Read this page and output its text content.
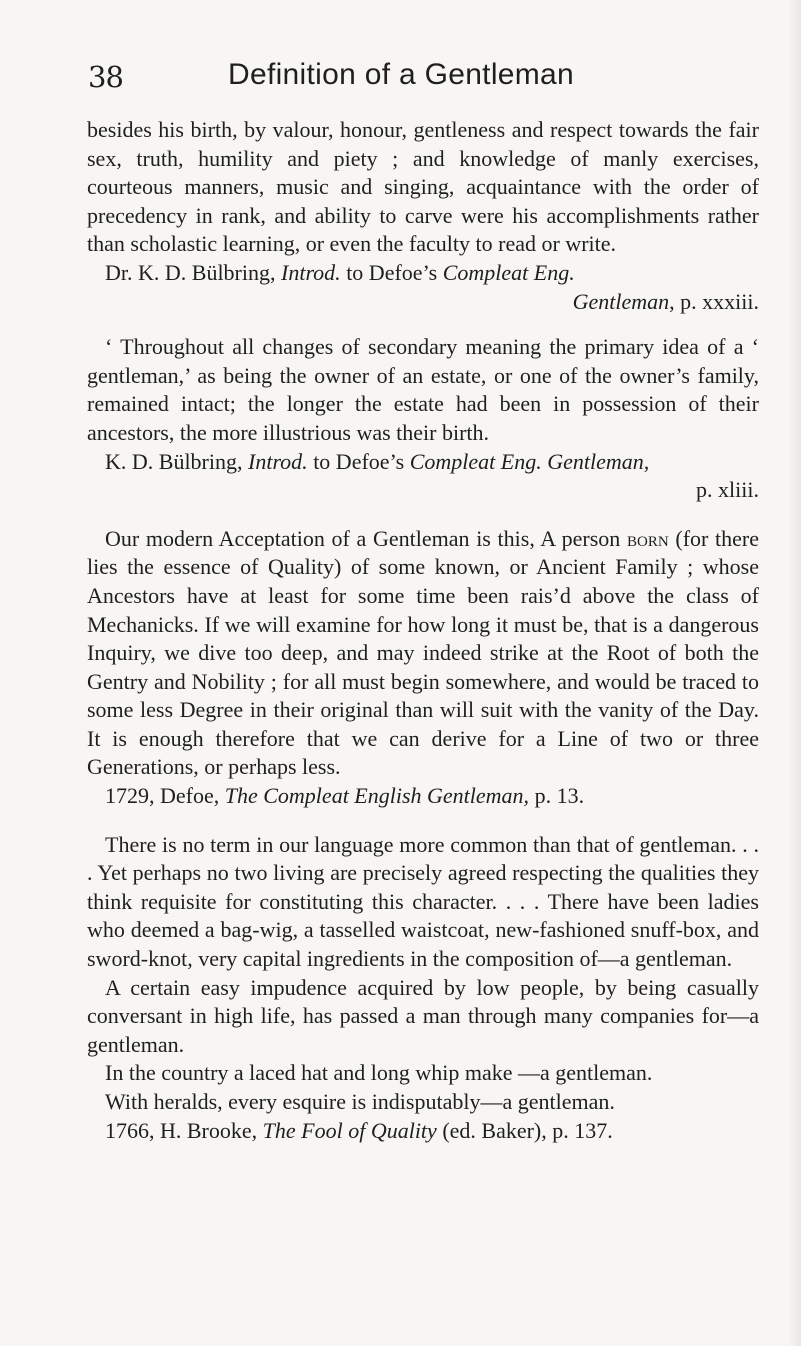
38	Definition of a Gentleman

besides his birth, by valour, honour, gentleness and respect towards the fair sex, truth, humility and piety ; and knowledge of manly exercises, courteous manners, music and singing, acquaintance with the order of precedency in rank, and ability to carve were his accomplishments rather than scholastic learning, or even the faculty to read or write.

Dr. K. D. Bülbring, Introd. to Defoe’s Compleat Eng.

Gentleman, p. xxxiii.

‘ Throughout all changes of secondary meaning the primary idea of a ‘ gentleman,’ as being the owner of an estate, or one of the owner’s family, remained intact; the longer the estate had been in possession of their ancestors, the more illustrious was their birth.

K. D. Bülbring, Introd. to Defoe’s Compleat Eng. Gentleman,

p. xliii.

Our modern Acceptation of a Gentleman is this, A person born (for there lies the essence of Quality) of some known, or Ancient Family ; whose Ancestors have at least for some time been rais’d above the class of Mechanicks. If we will examine for how long it must be, that is a dangerous Inquiry, we dive too deep, and may indeed strike at the Root of both the Gentry and Nobility ; for all must begin somewhere, and would be traced to some less Degree in their original than will suit with the vanity of the Day. It is enough therefore that we can derive for a Line of two or three Generations, or perhaps less.

1729, Defoe, The Compleat English Gentleman, p. 13.

There is no term in our language more common than that of gentleman. . . . Yet perhaps no two living are precisely agreed respecting the qualities they think requisite for constituting this character. . . . There have been ladies who deemed a bag-wig, a tasselled waistcoat, new-fashioned snuff-box, and sword-knot, very capital ingredients in the composition of—a gentleman.

A certain easy impudence acquired by low people, by being casually conversant in high life, has passed a man through many companies for—a gentleman.

In the country a laced hat and long whip make —a gentleman.

With heralds, every esquire is indisputably—a gentleman.

1766, H. Brooke, The Fool of Quality (ed. Baker), p. 137.
